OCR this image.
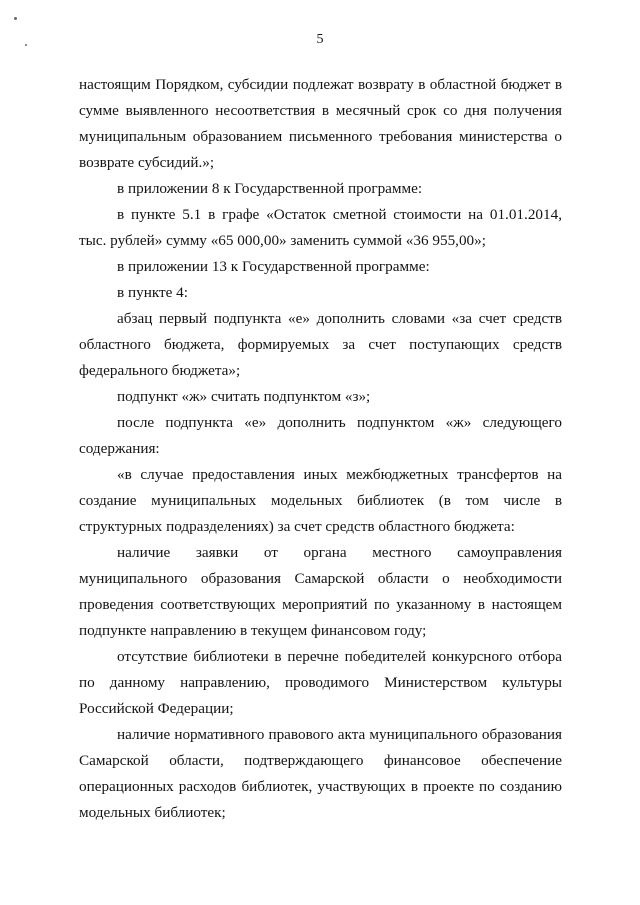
5

настоящим Порядком, субсидии подлежат возврату в областной бюджет в сумме выявленного несоответствия в месячный срок со дня получения муниципальным образованием письменного требования министерства о возврате субсидий.»;

в приложении 8 к Государственной программе:

в пункте 5.1 в графе «Остаток сметной стоимости на 01.01.2014, тыс. рублей» сумму «65 000,00» заменить суммой «36 955,00»;

в приложении 13 к Государственной программе:

в пункте 4:

абзац первый подпункта «е» дополнить словами «за счет средств областного бюджета, формируемых за счет поступающих средств федерального бюджета»;

подпункт «ж» считать подпунктом «з»;

после подпункта «е» дополнить подпунктом «ж» следующего содержания:

«в случае предоставления иных межбюджетных трансфертов на создание муниципальных модельных библиотек (в том числе в структурных подразделениях) за счет средств областного бюджета:

наличие заявки от органа местного самоуправления муниципального образования Самарской области о необходимости проведения соответствующих мероприятий по указанному в настоящем подпункте направлению в текущем финансовом году;

отсутствие библиотеки в перечне победителей конкурсного отбора по данному направлению, проводимого Министерством культуры Российской Федерации;

наличие нормативного правового акта муниципального образования Самарской области, подтверждающего финансовое обеспечение операционных расходов библиотек, участвующих в проекте по созданию модельных библиотек;
